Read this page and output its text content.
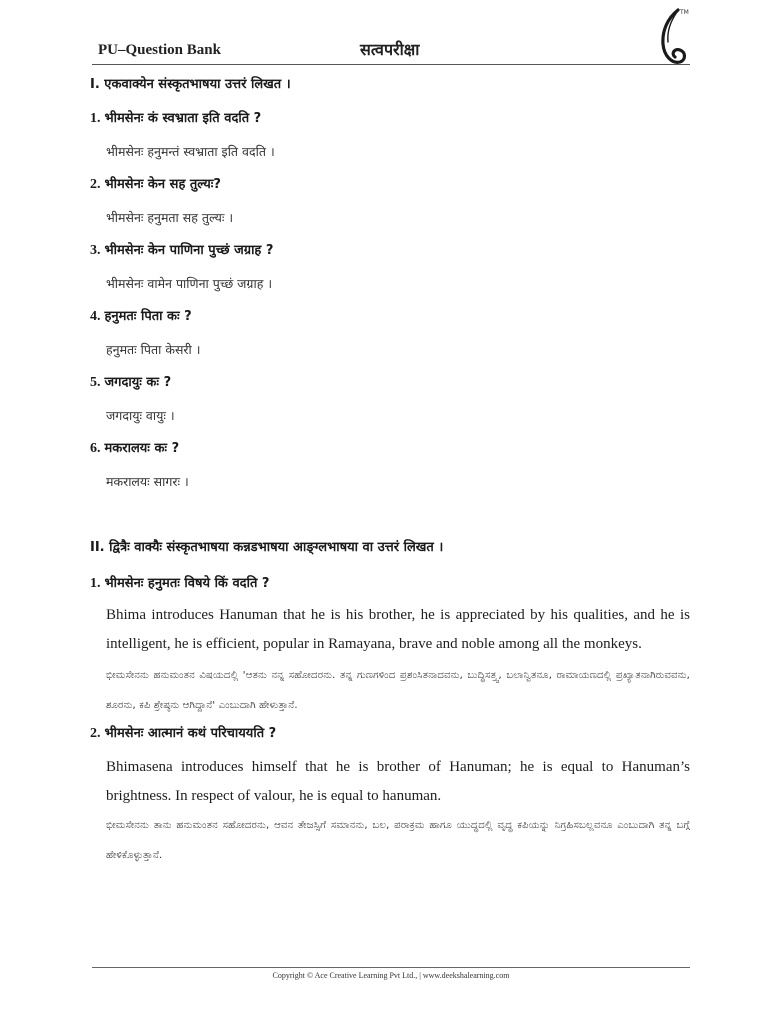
PU–Question Bank	सत्वपरीक्षा
TM

I. एकवाक्येन संस्कृतभाषया उत्तरं लिखत ।

1. भीमसेनः कं स्वभ्राता इति वदति ?

भीमसेनः हनुमन्तं स्वभ्राता इति वदति ।

2. भीमसेनः केन सह तुल्यः?

भीमसेनः हनुमता सह तुल्यः ।

3. भीमसेनः केन पाणिना पुच्छं जग्राह ?

भीमसेनः वामेन पाणिना पुच्छं जग्राह ।

4. हनुमतः पिता कः ?

हनुमतः पिता केसरी ।

5. जगदायुः कः ?

जगदायुः वायुः ।

6. मकरालयः कः ?

मकरालयः सागरः ।

II. द्वित्रैः वाक्यैः संस्कृतभाषया कन्नडभाषया आङ्ग्लभाषया वा उत्तरं लिखत ।

1. भीमसेनः हनुमतः विषये किं वदति ?

Bhima introduces Hanuman that he is his brother, he is appreciated by his qualities, and he is intelligent, he is efficient, popular in Ramayana, brave and noble among all the monkeys.

ಭೀಮಸೇನನು ಹನುಮಂತನ ವಿಷಯದಲ್ಲಿ 'ಆತನು ನನ್ನ ಸಹೋದರನು. ತನ್ನ ಗುಣಗಳಿಂದ ಪ್ರಶಂಸಿತನಾದವನು, ಬುದ್ಧಿಸತ್ತ್ವ, ಬಲಾನ್ವಿತನೂ, ರಾಮಾಯಣದಲ್ಲಿ ಪ್ರಖ್ಯಾತನಾಗಿರುವವನು, ಶೂರನು, ಕಪಿ ಶ್ರೇಷ್ಠನು ಆಗಿದ್ದಾನೆ' ಎಂಬುದಾಗಿ ಹೇಳುತ್ತಾನೆ.

2. भीमसेनः आत्मानं कथं परिचाययति ?

Bhimasena introduces himself that he is brother of Hanuman; he is equal to Hanuman’s brightness. In respect of valour, he is equal to hanuman.

ಭೀಮಸೇನನು ತಾನು ಹನುಮಂತನ ಸಹೋದರನು, ಆವನ ತೇಜಸ್ಸಿಗೆ ಸಮಾನನು, ಬಲ, ಪರಾಕ್ರಮ ಹಾಗೂ ಯುದ್ಧದಲ್ಲಿ ವೃದ್ಧ ಕಪಿಯನ್ನು ನಿಗ್ರಹಿಸಬಲ್ಲವನೂ ಎಂಬುದಾಗಿ ತನ್ನ ಬಗ್ಗೆ ಹೇಳಿಕೊಳ್ಳುತ್ತಾನೆ.

Copyright © Ace Creative Learning Pvt Ltd., | www.deekshalearning.com
